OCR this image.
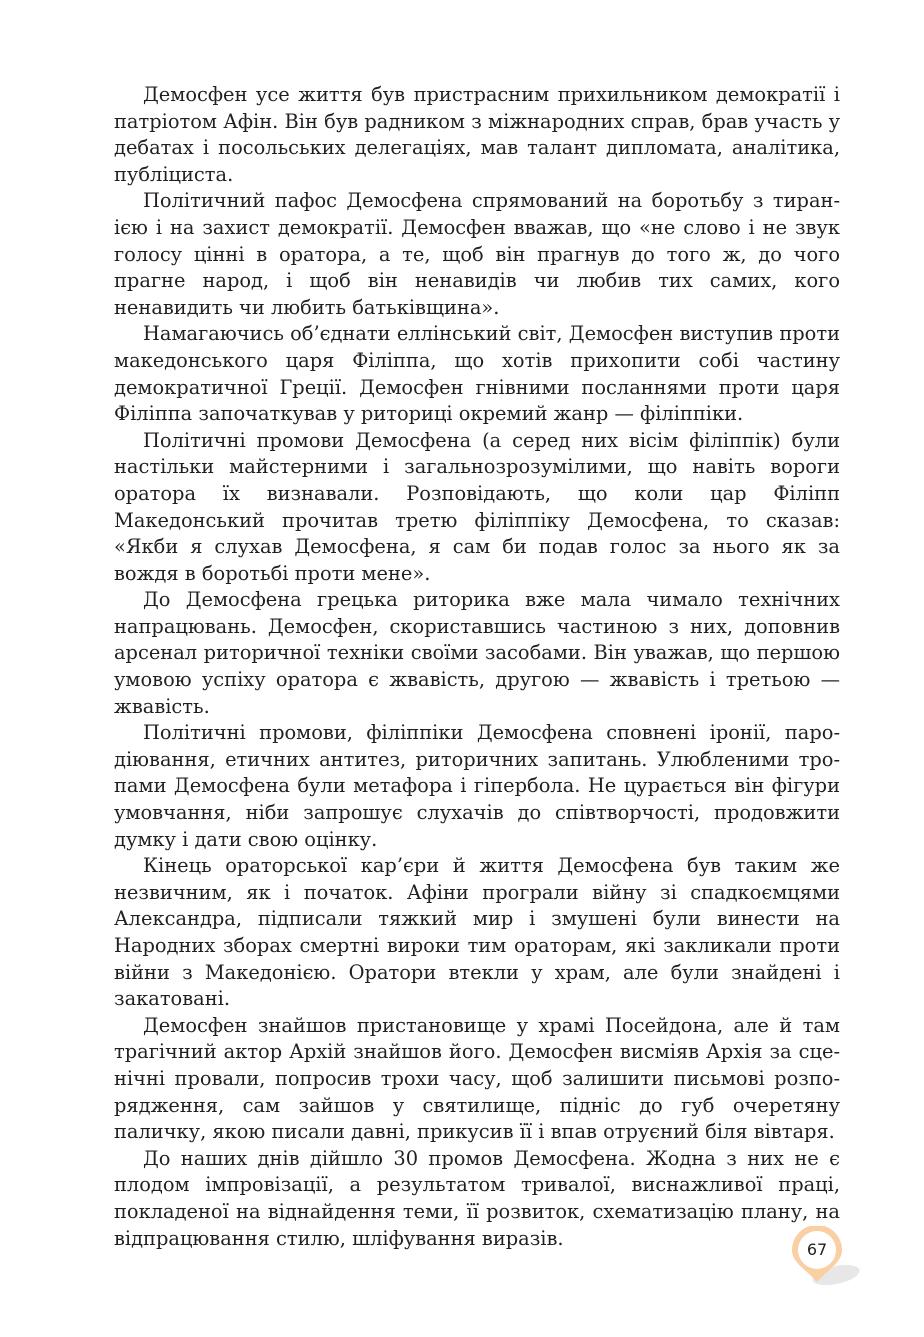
Демосфен усе життя був пристрасним прихильником демократії і патріотом Афін. Він був радником з міжнародних справ, брав участь у дебатах і посольських делегаціях, мав талант дипломата, аналітика, публіциста.

Політичний пафос Демосфена спрямований на боротьбу з тиранією і на захист демократії. Демосфен вважав, що «не слово і не звук голосу цінні в оратора, а те, щоб він прагнув до того ж, до чого прагне народ, і щоб він ненавидів чи любив тих самих, кого ненавидить чи любить батьківщина».

Намагаючись об’єднати еллінський світ, Демосфен виступив проти македонського царя Філіппа, що хотів прихопити собі частину демократичної Греції. Демосфен гнівними посланнями проти царя Філіппа започаткував у риториці окремий жанр — філіппіки.

Політичні промови Демосфена (а серед них вісім філіппік) були настільки майстерними і загальнозрозумілими, що навіть вороги оратора їх визнавали. Розповідають, що коли цар Філіпп Македонський прочитав третю філіппіку Демосфена, то сказав: «Якби я слухав Демосфена, я сам би подав голос за нього як за вождя в боротьбі проти мене».

До Демосфена грецька риторика вже мала чимало технічних напрацювань. Демосфен, скориставшись частиною з них, доповнив арсенал риторичної техніки своїми засобами. Він уважав, що першою умовою успіху оратора є жвавість, другою — жвавість і третьою — жвавість.

Політичні промови, філіппіки Демосфена сповнені іронії, пародіювання, етичних антитез, риторичних запитань. Улюбленими тропами Демосфена були метафора і гіпербола. Не цурається він фігури умовчання, ніби запрошує слухачів до співтворчості, продовжити думку і дати свою оцінку.

Кінець ораторської кар’єри й життя Демосфена був таким же незвичним, як і початок. Афіни програли війну зі спадкоємцями Александра, підписали тяжкий мир і змушені були винести на Народних зборах смертні вироки тим ораторам, які закликали проти війни з Македонією. Оратори втекли у храм, але були знайдені і закатовані.

Демосфен знайшов пристановище у храмі Посейдона, але й там трагічний актор Архій знайшов його. Демосфен висміяв Архія за сценічні провали, попросив трохи часу, щоб залишити письмові розпорядження, сам зайшов у святилище, підніс до губ очеретяну паличку, якою писали давні, прикусив її і впав отруєний біля вівтаря.

До наших днів дійшло 30 промов Демосфена. Жодна з них не є плодом імпровізації, а результатом тривалої, виснажливої праці, покладеної на віднайдення теми, її розвиток, схематизацію плану, на відпрацювання стилю, шліфування виразів.	67
